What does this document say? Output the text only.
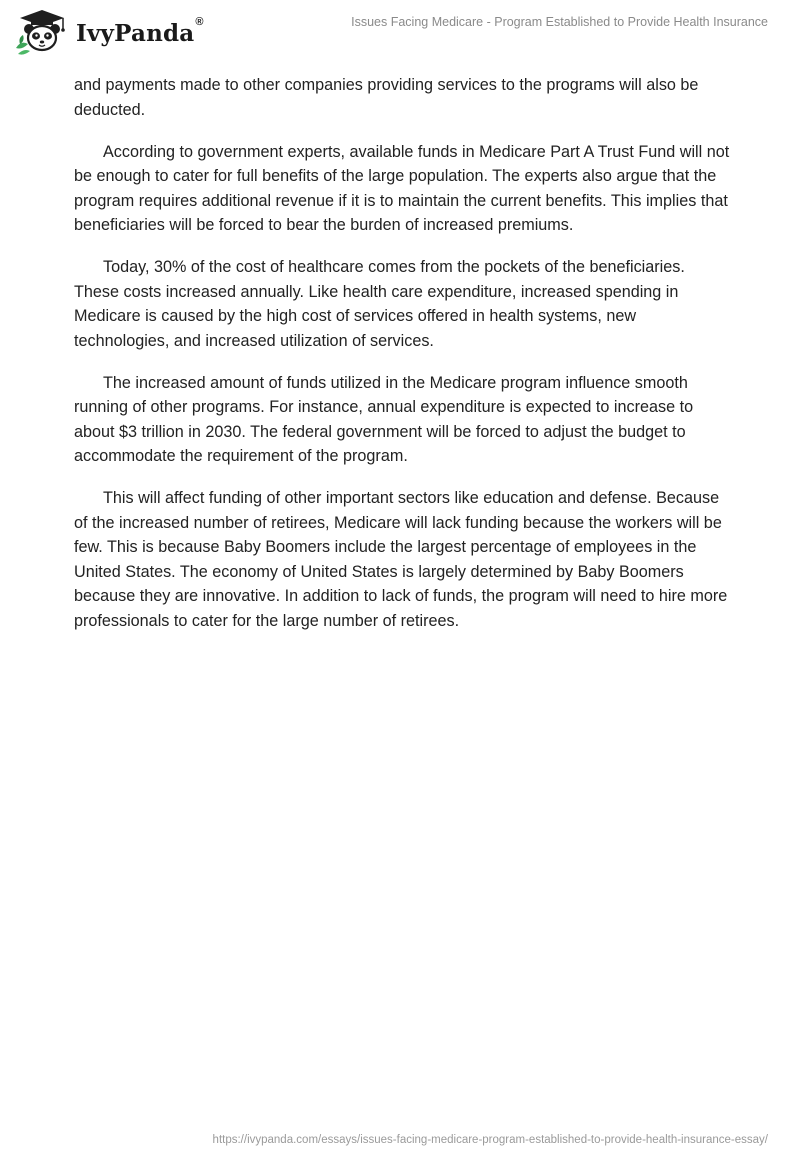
IvyPanda®	Issues Facing Medicare - Program Established to Provide Health Insurance

and payments made to other companies providing services to the programs will also be deducted.

According to government experts, available funds in Medicare Part A Trust Fund will not be enough to cater for full benefits of the large population. The experts also argue that the program requires additional revenue if it is to maintain the current benefits. This implies that beneficiaries will be forced to bear the burden of increased premiums.

Today, 30% of the cost of healthcare comes from the pockets of the beneficiaries. These costs increased annually. Like health care expenditure, increased spending in Medicare is caused by the high cost of services offered in health systems, new technologies, and increased utilization of services.

The increased amount of funds utilized in the Medicare program influence smooth running of other programs. For instance, annual expenditure is expected to increase to about $3 trillion in 2030. The federal government will be forced to adjust the budget to accommodate the requirement of the program.

This will affect funding of other important sectors like education and defense. Because of the increased number of retirees, Medicare will lack funding because the workers will be few. This is because Baby Boomers include the largest percentage of employees in the United States. The economy of United States is largely determined by Baby Boomers because they are innovative. In addition to lack of funds, the program will need to hire more professionals to cater for the large number of retirees.

https://ivypanda.com/essays/issues-facing-medicare-program-established-to-provide-health-insurance-essay/
